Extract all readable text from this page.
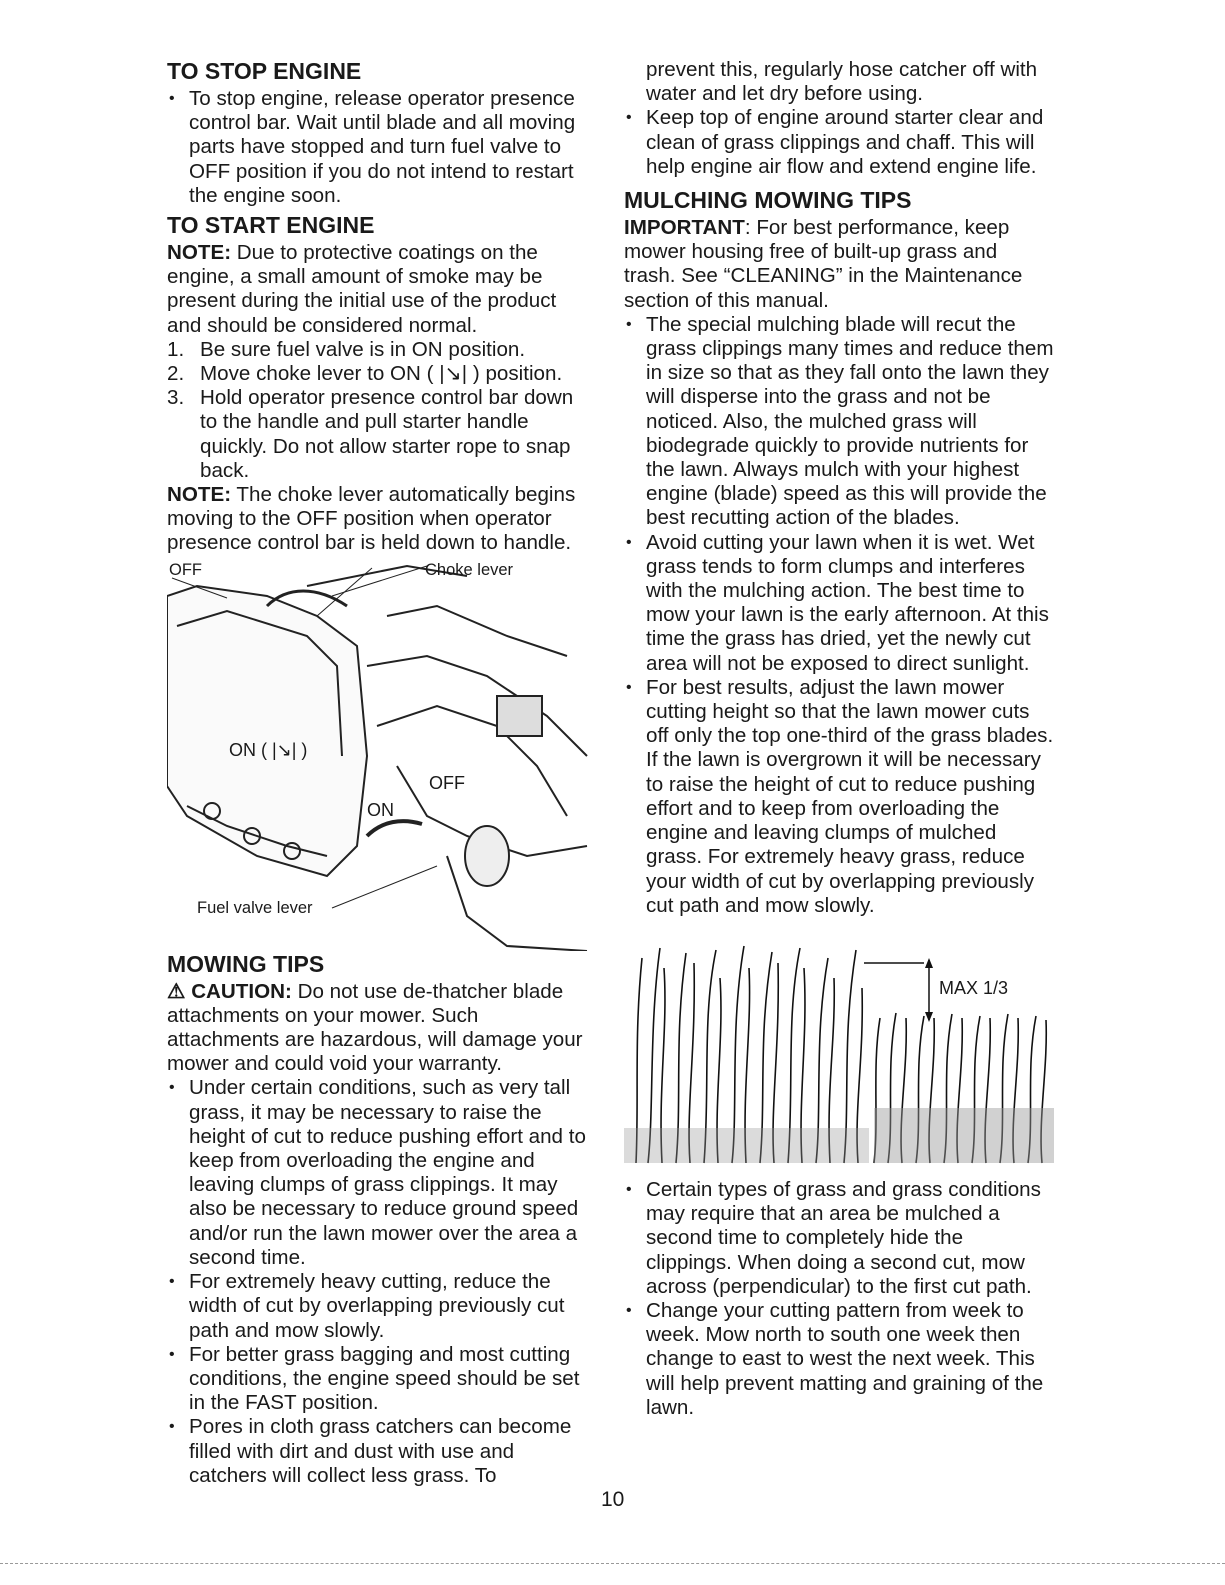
TO STOP ENGINE

• To stop engine, release operator presence control bar. Wait until blade and all moving parts have stopped and turn fuel valve to OFF position if you do not intend to restart the engine soon.

TO START ENGINE

NOTE: Due to protective coatings on the engine, a small amount of smoke may be present during the initial use of the product and should be considered normal.

1. Be sure fuel valve is in ON position.

2. Move choke lever to ON ( |↘| ) position.

3. Hold operator presence control bar down to the handle and pull starter handle quickly. Do not allow starter rope to snap back.

NOTE: The choke lever automatically begins moving to the OFF position when operator presence control bar is held down to handle.

OFF	Choke lever
ON ( |↘| )
OFF
ON
Fuel valve lever
MOWING TIPS

⚠ CAUTION: Do not use de-thatcher blade attachments on your mower. Such attachments are hazardous, will damage your mower and could void your warranty.

• Under certain conditions, such as very tall grass, it may be necessary to raise the height of cut to reduce pushing effort and to keep from overloading the engine and leaving clumps of grass clippings. It may also be necessary to reduce ground speed and/or run the lawn mower over the area a second time.

• For extremely heavy cutting, reduce the width of cut by overlapping previously cut path and mow slowly.

• For better grass bagging and most cutting conditions, the engine speed should be set in the FAST position.

• Pores in cloth grass catchers can become filled with dirt and dust with use and catchers will collect less grass. To

prevent this, regularly hose catcher off with water and let dry before using.

• Keep top of engine around starter clear and clean of grass clippings and chaff. This will help engine air flow and extend engine life.

MULCHING MOWING TIPS

IMPORTANT: For best performance, keep mower housing free of built-up grass and trash. See “CLEANING” in the Maintenance section of this manual.

• The special mulching blade will recut the grass clippings many times and reduce them in size so that as they fall onto the lawn they will disperse into the grass and not be noticed. Also, the mulched grass will biodegrade quickly to provide nutrients for the lawn. Always mulch with your highest engine (blade) speed as this will provide the best recutting action of the blades.

• Avoid cutting your lawn when it is wet. Wet grass tends to form clumps and interferes with the mulching action. The best time to mow your lawn is the early afternoon. At this time the grass has dried, yet the newly cut area will not be exposed to direct sunlight.

• For best results, adjust the lawn mower cutting height so that the lawn mower cuts off only the top one-third of the grass blades. If the lawn is overgrown it will be necessary to raise the height of cut to reduce pushing effort and to keep from overloading the engine and leaving clumps of mulched grass. For extremely heavy grass, reduce your width of cut by overlapping previously cut path and mow slowly.

MAX 1/3

• Certain types of grass and grass conditions may require that an area be mulched a second time to completely hide the clippings. When doing a second cut, mow across (perpendicular) to the first cut path.

• Change your cutting pattern from week to week. Mow north to south one week then change to east to west the next week. This will help prevent matting and graining of the lawn.

10
